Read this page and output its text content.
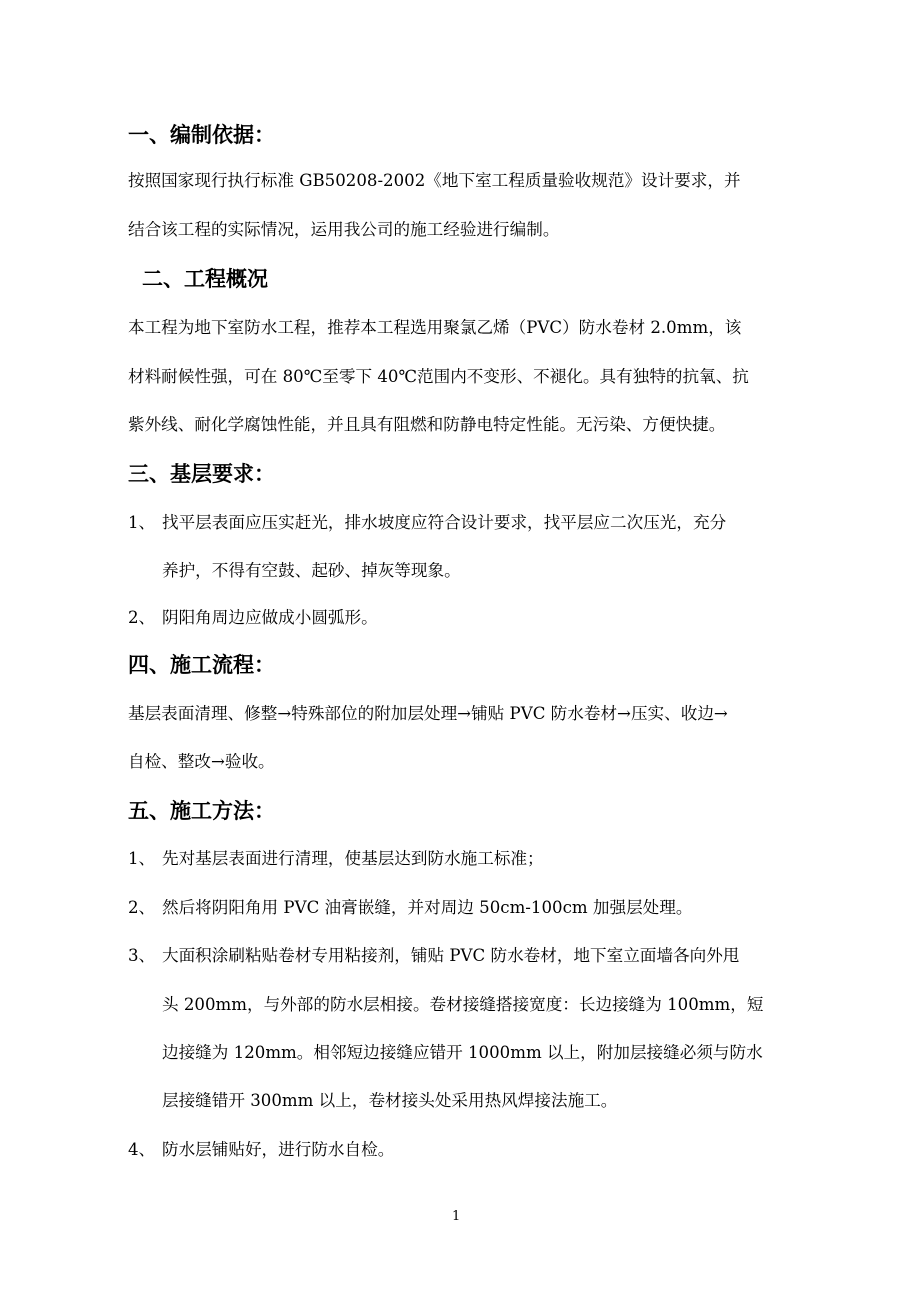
一、编制依据：
按照国家现行执行标准 GB50208-2002《地下室工程质量验收规范》设计要求，并
结合该工程的实际情况，运用我公司的施工经验进行编制。
二、工程概况
本工程为地下室防水工程，推荐本工程选用聚氯乙烯（PVC）防水卷材 2.0mm，该
材料耐候性强，可在 80℃至零下 40℃范围内不变形、不褪化。具有独特的抗氧、抗
紫外线、耐化学腐蚀性能，并且具有阻燃和防静电特定性能。无污染、方便快捷。
三、基层要求：
1、 找平层表面应压实赶光，排水坡度应符合设计要求，找平层应二次压光，充分
养护，不得有空鼓、起砂、掉灰等现象。
2、 阴阳角周边应做成小圆弧形。
四、施工流程：
基层表面清理、修整→特殊部位的附加层处理→铺贴 PVC 防水卷材→压实、收边→
自检、整改→验收。
五、施工方法：
1、 先对基层表面进行清理，使基层达到防水施工标准；
2、 然后将阴阳角用 PVC 油膏嵌缝，并对周边 50cm-100cm 加强层处理。
3、 大面积涂刷粘贴卷材专用粘接剂，铺贴 PVC 防水卷材，地下室立面墙各向外甩
头 200mm，与外部的防水层相接。卷材接缝搭接宽度：长边接缝为 100mm，短
边接缝为 120mm。相邻短边接缝应错开 1000mm 以上，附加层接缝必须与防水
层接缝错开 300mm 以上，卷材接头处采用热风焊接法施工。
4、 防水层铺贴好，进行防水自检。
1
